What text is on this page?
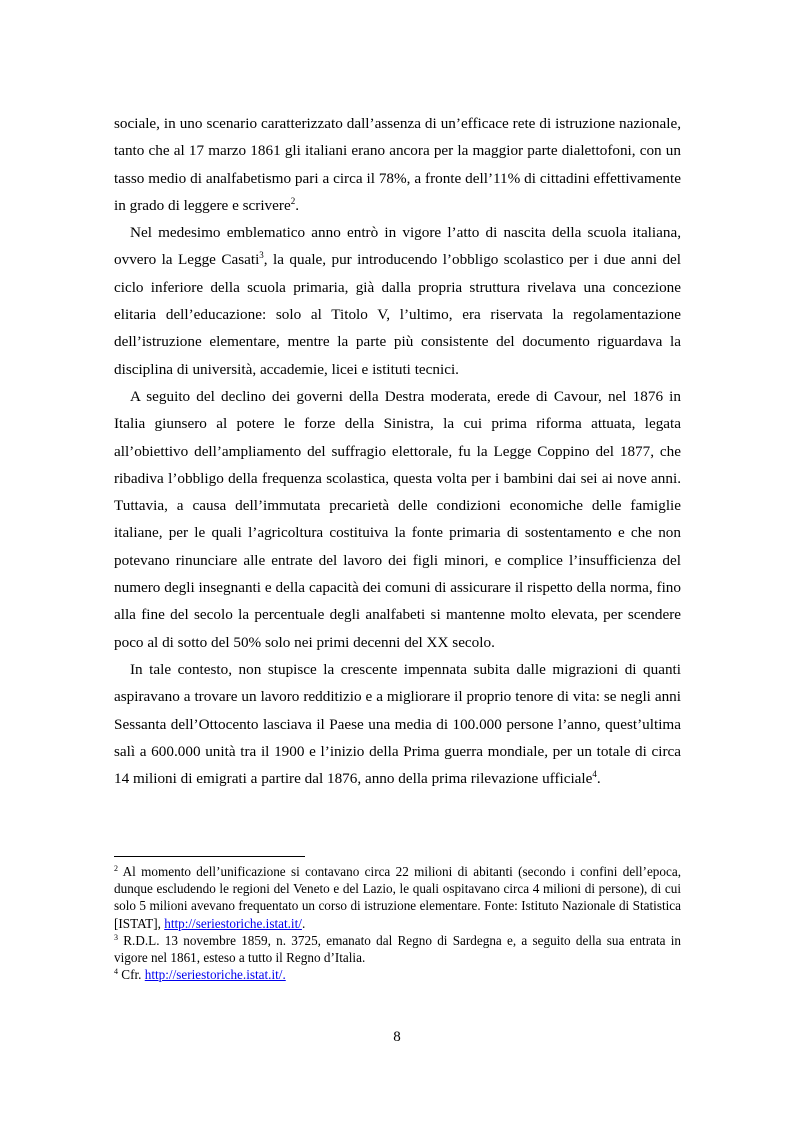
sociale, in uno scenario caratterizzato dall’assenza di un’efficace rete di istruzione nazionale, tanto che al 17 marzo 1861 gli italiani erano ancora per la maggior parte dialettofoni, con un tasso medio di analfabetismo pari a circa il 78%, a fronte dell’11% di cittadini effettivamente in grado di leggere e scrivere$^2$.

Nel medesimo emblematico anno entrò in vigore l’atto di nascita della scuola italiana, ovvero la Legge Casati$^3$, la quale, pur introducendo l’obbligo scolastico per i due anni del ciclo inferiore della scuola primaria, già dalla propria struttura rivelava una concezione elitaria dell’educazione: solo al Titolo V, l’ultimo, era riservata la regolamentazione dell’istruzione elementare, mentre la parte più consistente del documento riguardava la disciplina di università, accademie, licei e istituti tecnici.

A seguito del declino dei governi della Destra moderata, erede di Cavour, nel 1876 in Italia giunsero al potere le forze della Sinistra, la cui prima riforma attuata, legata all’obiettivo dell’ampliamento del suffragio elettorale, fu la Legge Coppino del 1877, che ribadiva l’obbligo della frequenza scolastica, questa volta per i bambini dai sei ai nove anni. Tuttavia, a causa dell’immutata precarietà delle condizioni economiche delle famiglie italiane, per le quali l’agricoltura costituiva la fonte primaria di sostentamento e che non potevano rinunciare alle entrate del lavoro dei figli minori, e complice l’insufficienza del numero degli insegnanti e della capacità dei comuni di assicurare il rispetto della norma, fino alla fine del secolo la percentuale degli analfabeti si mantenne molto elevata, per scendere poco al di sotto del 50% solo nei primi decenni del XX secolo.

In tale contesto, non stupisce la crescente impennata subita dalle migrazioni di quanti aspiravano a trovare un lavoro redditizio e a migliorare il proprio tenore di vita: se negli anni Sessanta dell’Ottocento lasciava il Paese una media di 100.000 persone l’anno, quest’ultima salì a 600.000 unità tra il 1900 e l’inizio della Prima guerra mondiale, per un totale di circa 14 milioni di emigrati a partire dal 1876, anno della prima rilevazione ufficiale$^4$.

$^2$ Al momento dell’unificazione si contavano circa 22 milioni di abitanti (secondo i confini dell’epoca, dunque escludendo le regioni del Veneto e del Lazio, le quali ospitavano circa 4 milioni di persone), di cui solo 5 milioni avevano frequentato un corso di istruzione elementare. Fonte: Istituto Nazionale di Statistica [ISTAT], http://seriestoriche.istat.it/.

$^3$ R.D.L. 13 novembre 1859, n. 3725, emanato dal Regno di Sardegna e, a seguito della sua entrata in vigore nel 1861, esteso a tutto il Regno d’Italia.

$^4$ Cfr. http://seriestoriche.istat.it/.

8
